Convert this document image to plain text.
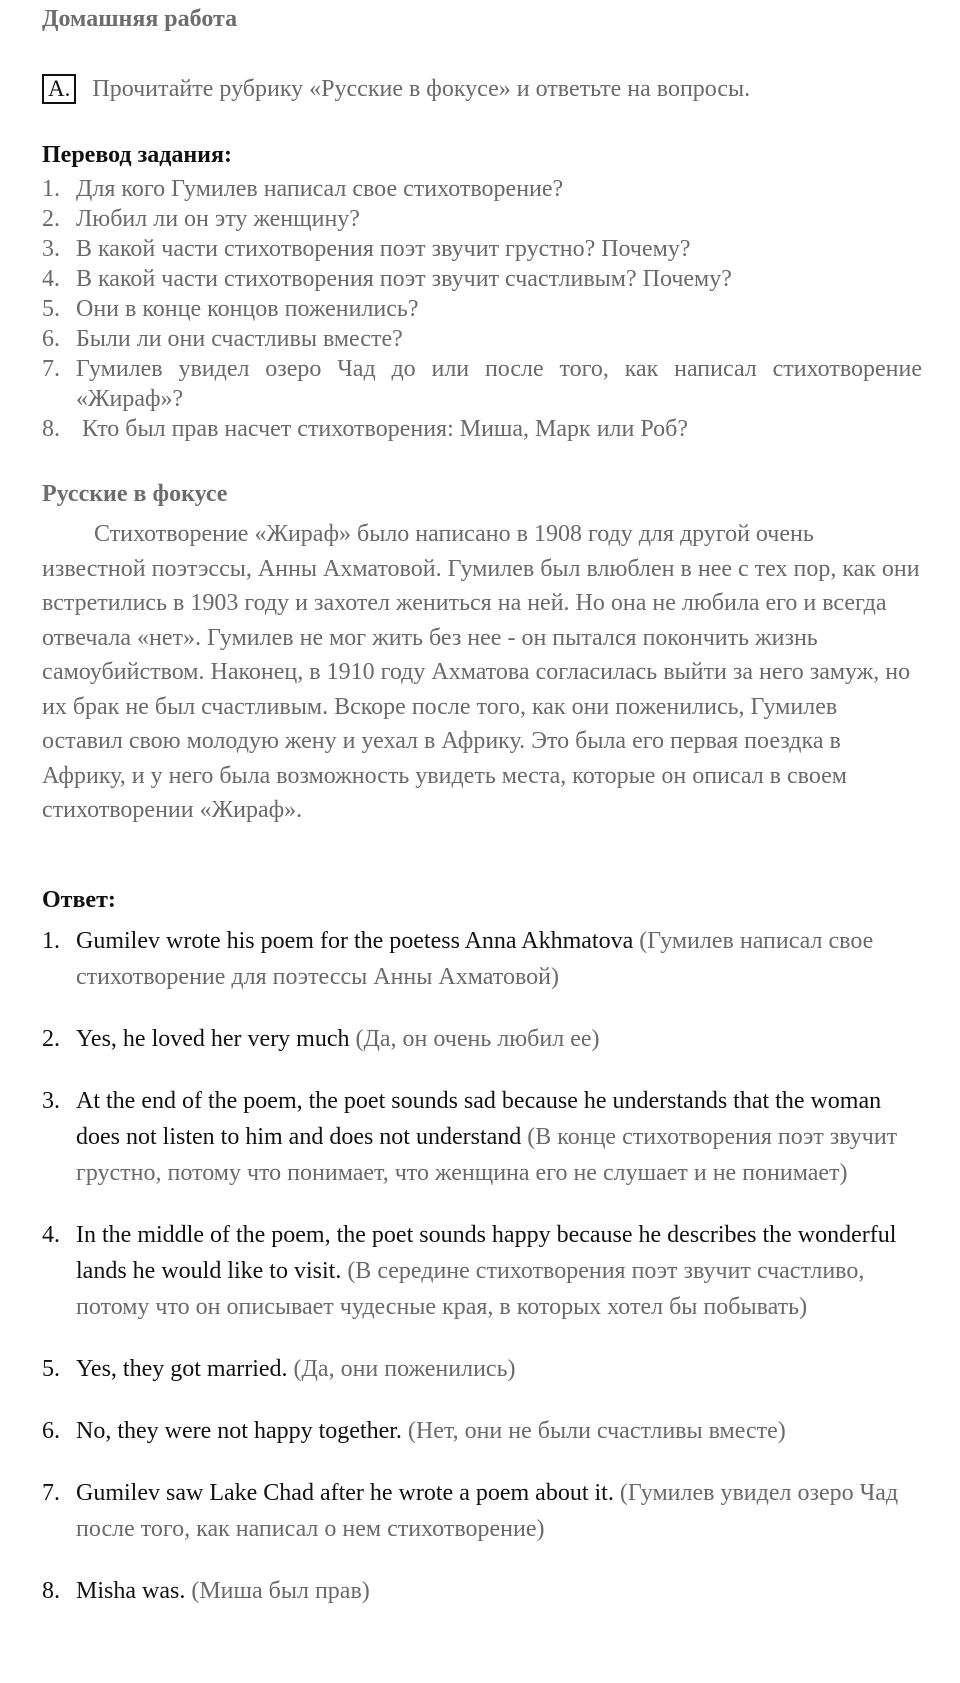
Домашняя работа
A. Прочитайте рубрику «Русские в фокусе» и ответьте на вопросы.
Перевод задания:
1. Для кого Гумилев написал свое стихотворение?
2. Любил ли он эту женщину?
3. В какой части стихотворения поэт звучит грустно? Почему?
4. В какой части стихотворения поэт звучит счастливым? Почему?
5. Они в конце концов поженились?
6. Были ли они счастливы вместе?
7. Гумилев увидел озеро Чад до или после того, как написал стихотворение
«Жираф»?
8. Кто был прав насчет стихотворения: Миша, Марк или Роб?
Русские в фокусе
Стихотворение «Жираф» было написано в 1908 году для другой очень известной поэтэссы, Анны Ахматовой. Гумилев был влюблен в нее с тех пор, как они встретились в 1903 году и захотел жениться на ней. Но она не любила его и всегда отвечала «нет». Гумилев не мог жить без нее - он пытался покончить жизнь самоубийством. Наконец, в 1910 году Ахматова согласилась выйти за него замуж, но их брак не был счастливым. Вскоре после того, как они поженились, Гумилев оставил свою молодую жену и уехал в Африку. Это была его первая поездка в Африку, и у него была возможность увидеть места, которые он описал в своем стихотворении «Жираф».
Ответ:
1. Gumilev wrote his poem for the poetess Anna Akhmatova (Гумилев написал свое стихотворение для поэтессы Анны Ахматовой)
2. Yes, he loved her very much (Да, он очень любил ее)
3. At the end of the poem, the poet sounds sad because he understands that the woman does not listen to him and does not understand (В конце стихотворения поэт звучит грустно, потому что понимает, что женщина его не слушает и не понимает)
4. In the middle of the poem, the poet sounds happy because he describes the wonderful lands he would like to visit. (В середине стихотворения поэт звучит счастливо, потому что он описывает чудесные края, в которых хотел бы побывать)
5. Yes, they got married. (Да, они поженились)
6. No, they were not happy together. (Нет, они не были счастливы вместе)
7. Gumilev saw Lake Chad after he wrote a poem about it. (Гумилев увидел озеро Чад после того, как написал о нем стихотворение)
8. Misha was. (Миша был прав)
